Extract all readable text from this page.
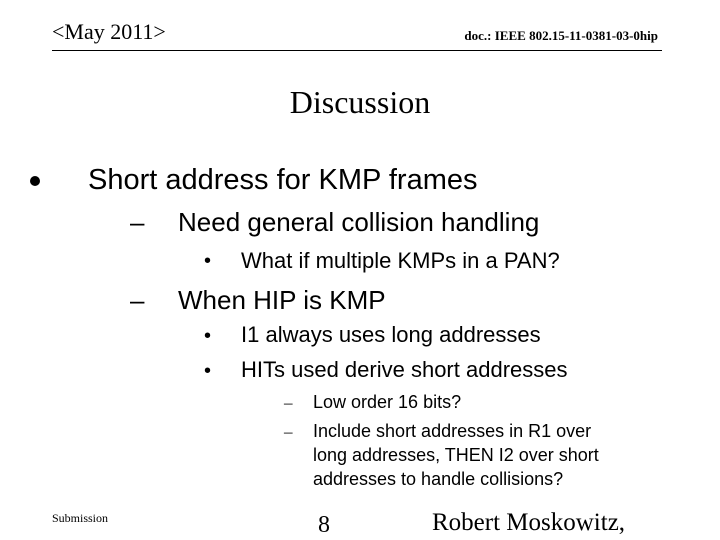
<May 2011>	doc.: IEEE 802.15-11-0381-03-0hip
Discussion
Short address for KMP frames
– Need general collision handling
• What if multiple KMPs in a PAN?
– When HIP is KMP
• I1 always uses long addresses
• HITs used derive short addresses
– Low order 16 bits?
– Include short addresses in R1 over
long addresses, THEN I2 over short
addresses to handle collisions?
Submission	8	Robert Moskowitz,
